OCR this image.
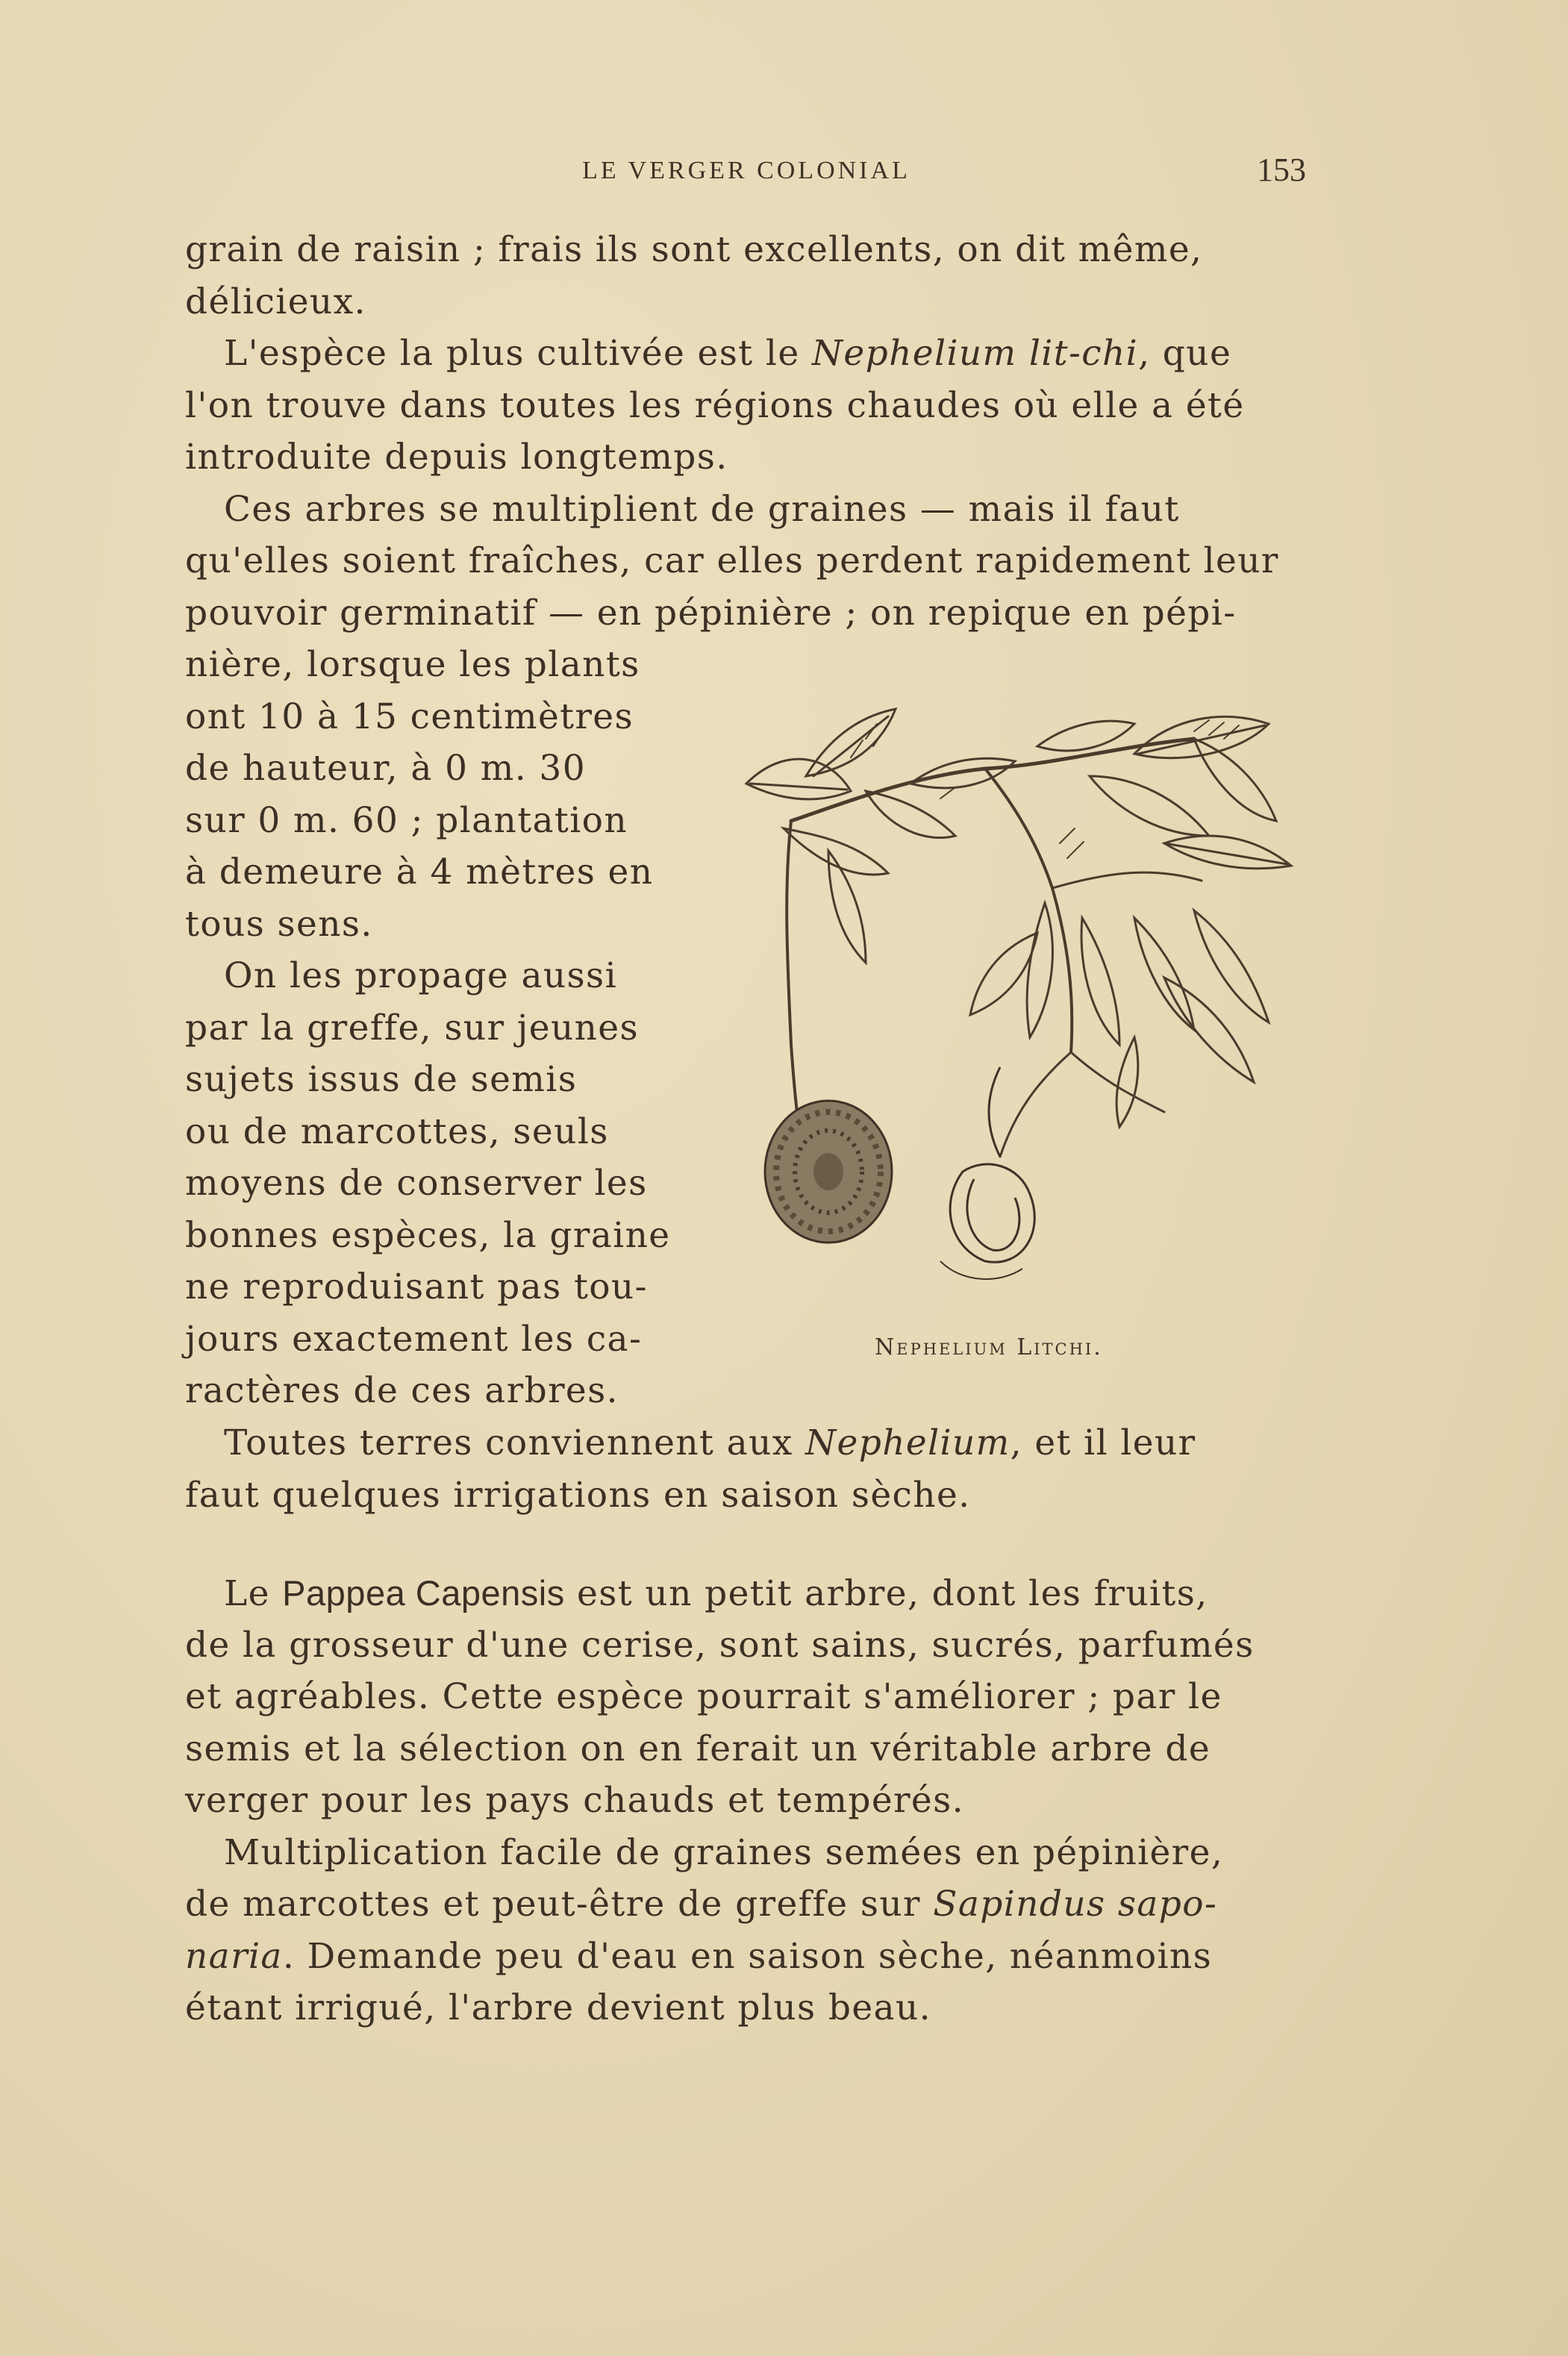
LE VERGER COLONIAL	153
grain de raisin ; frais ils sont excellents, on dit même,
délicieux.
L'espèce la plus cultivée est le Nephelium lit-chi, que
l'on trouve dans toutes les régions chaudes où elle a été
introduite depuis longtemps.
Ces arbres se multiplient de graines — mais il faut
qu'elles soient fraîches, car elles perdent rapidement leur
pouvoir germinatif — en pépinière ; on repique en pépi-
nière, lorsque les plants
ont 10 à 15 centimètres
de hauteur, à 0 m. 30
sur 0 m. 60 ; plantation
à demeure à 4 mètres en
tous sens.
On les propage aussi
par la greffe, sur jeunes
sujets issus de semis
ou de marcottes, seuls
moyens de conserver les
bonnes espèces, la graine
ne reproduisant pas tou-
jours exactement les ca-
ractères de ces arbres.
Nephelium Litchi.
Toutes terres conviennent aux Nephelium, et il leur
faut quelques irrigations en saison sèche.
Le Pappea Capensis est un petit arbre, dont les fruits,
de la grosseur d'une cerise, sont sains, sucrés, parfumés
et agréables. Cette espèce pourrait s'améliorer ; par le
semis et la sélection on en ferait un véritable arbre de
verger pour les pays chauds et tempérés.
Multiplication facile de graines semées en pépinière,
de marcottes et peut-être de greffe sur Sapindus sapo-
naria. Demande peu d'eau en saison sèche, néanmoins
étant irrigué, l'arbre devient plus beau.
